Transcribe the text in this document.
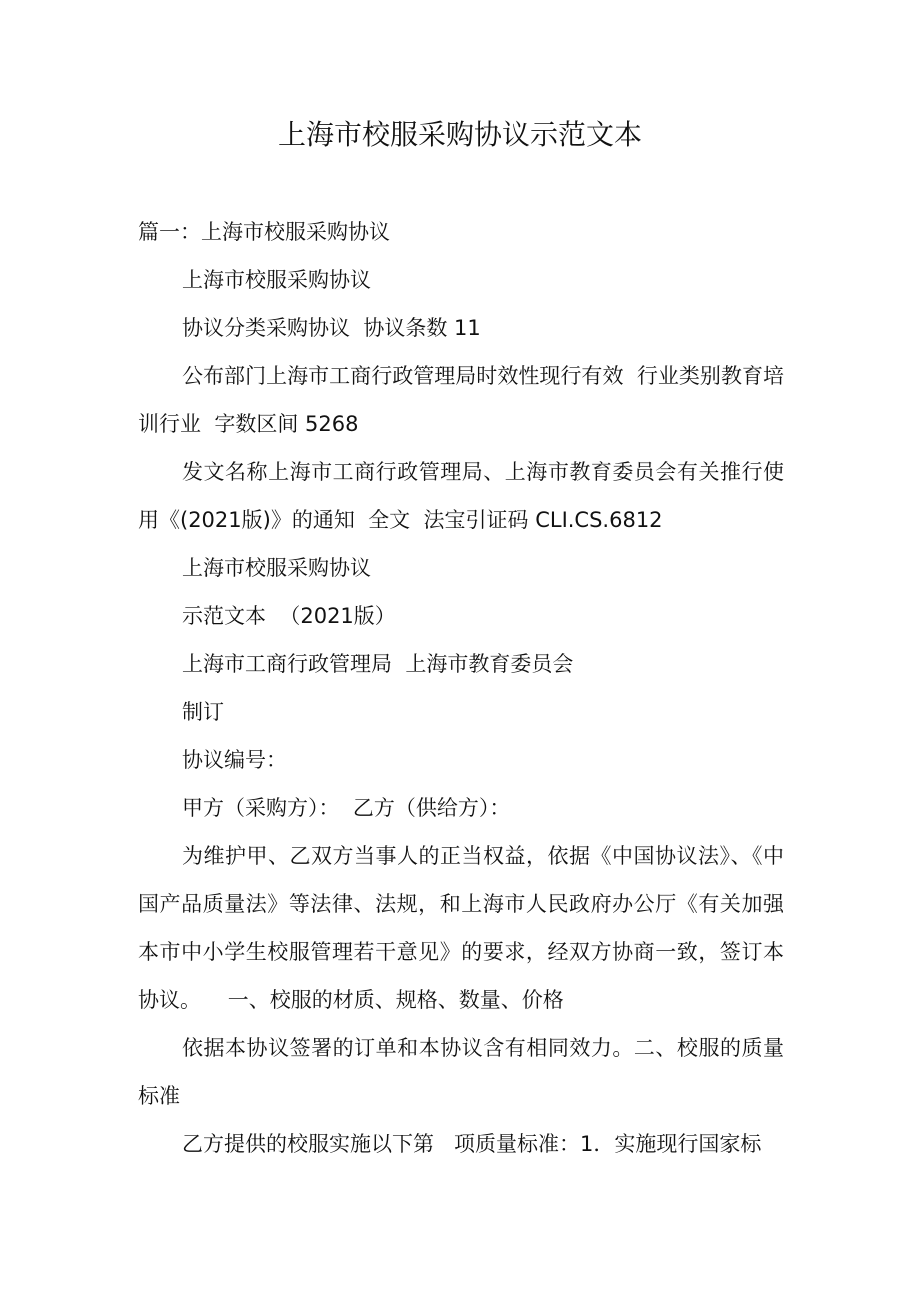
上海市校服采购协议示范文本

篇一：上海市校服采购协议

上海市校服采购协议

协议分类采购协议  协议条数 11

公布部门上海市工商行政管理局时效性现行有效  行业类别教育培训行业  字数区间 5268

发文名称上海市工商行政管理局、上海市教育委员会有关推行使用《(2021版)》的通知  全文  法宝引证码 CLI.CS.6812

上海市校服采购协议

示范文本  （2021版）

上海市工商行政管理局  上海市教育委员会

制订

协议编号：

甲方（采购方）：  乙方（供给方）：

为维护甲、乙双方当事人的正当权益，依据《中国协议法》、《中国产品质量法》等法律、法规，和上海市人民政府办公厅《有关加强本市中小学生校服管理若干意见》的要求，经双方协商一致，签订本协议。    一、校服的材质、规格、数量、价格

依据本协议签署的订单和本协议含有相同效力。二、校服的质量标准

乙方提供的校服实施以下第   项质量标准：1．实施现行国家标
